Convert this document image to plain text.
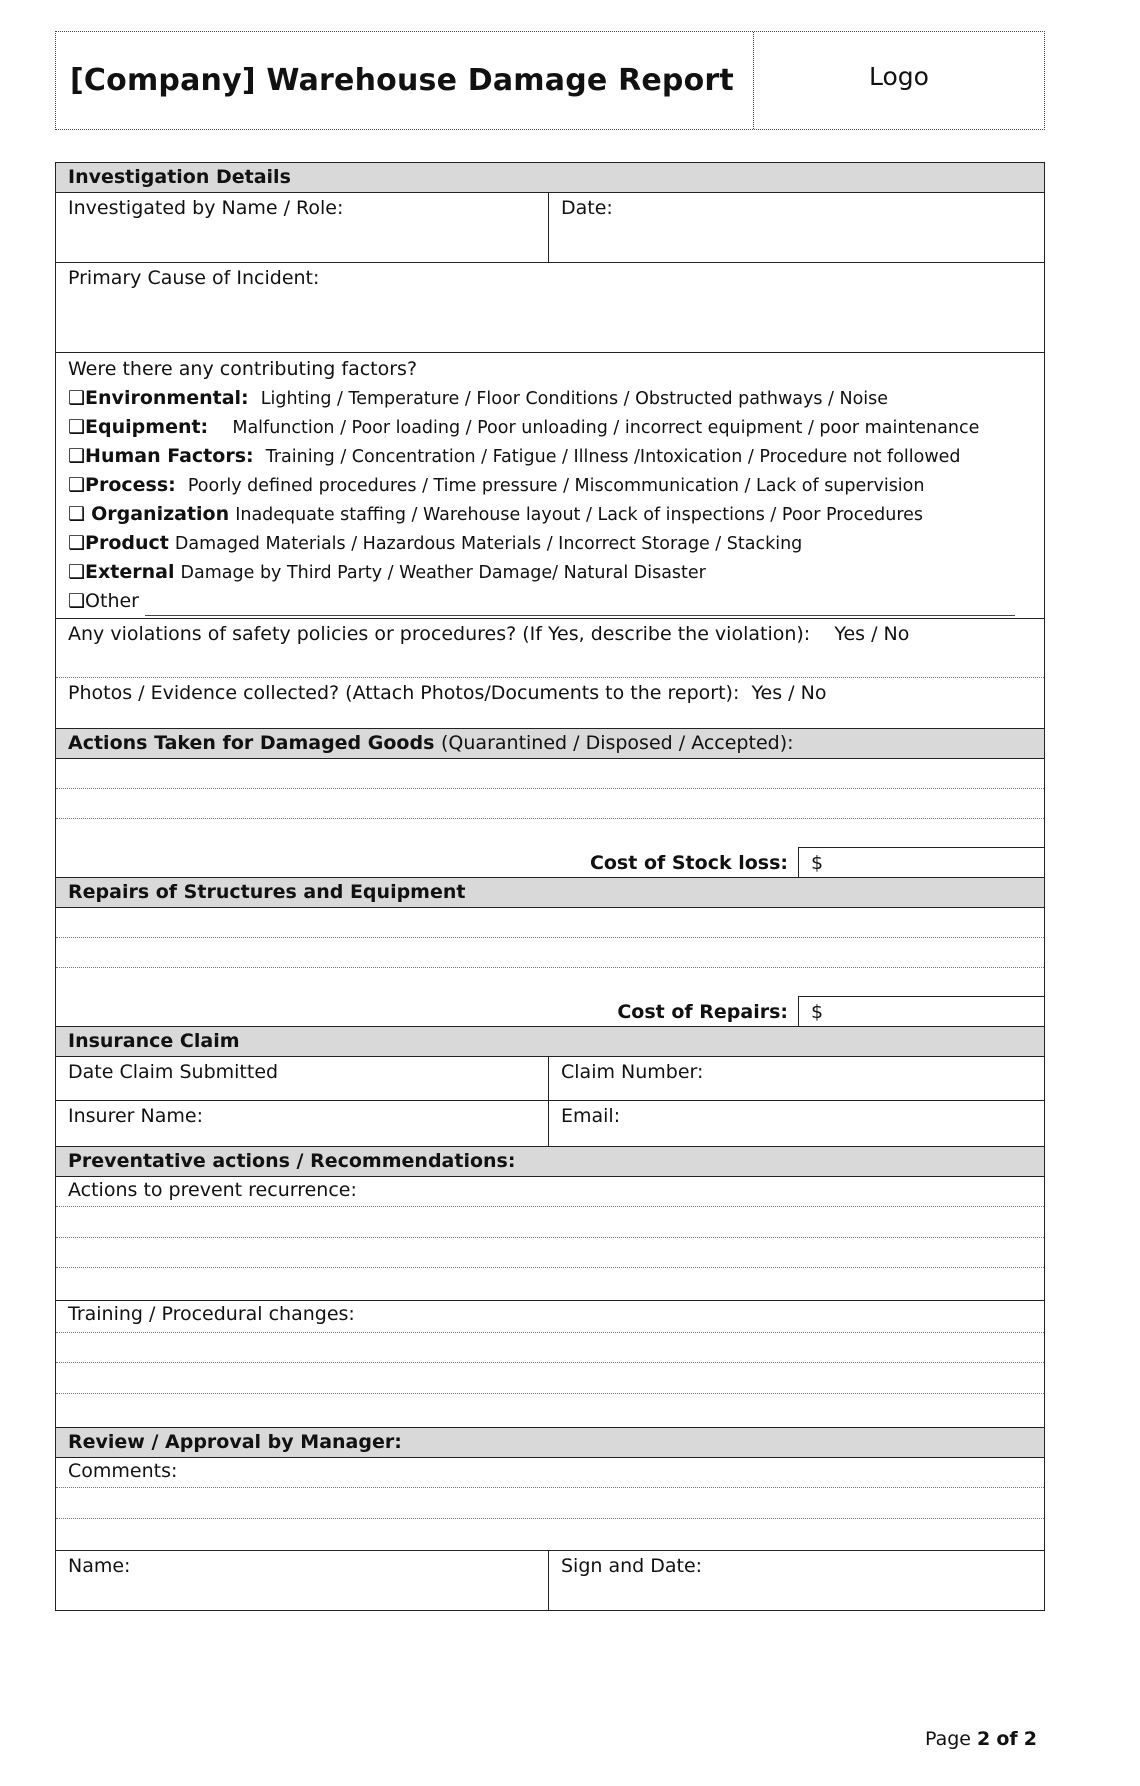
[Company] Warehouse Damage Report	Logo
Investigation Details
Investigated by Name / Role:	Date:
Primary Cause of Incident:
Were there any contributing factors?
❑Environmental: Lighting / Temperature / Floor Conditions / Obstructed pathways / Noise
❑Equipment: Malfunction / Poor loading / Poor unloading / incorrect equipment / poor maintenance
❑Human Factors: Training / Concentration / Fatigue / Illness /Intoxication / Procedure not followed
❑Process: Poorly defined procedures / Time pressure / Miscommunication / Lack of supervision
❑ Organization Inadequate staffing / Warehouse layout / Lack of inspections / Poor Procedures
❑Product Damaged Materials / Hazardous Materials / Incorrect Storage / Stacking
❑External Damage by Third Party / Weather Damage/ Natural Disaster
❑Other
Any violations of safety policies or procedures? (If Yes, describe the violation): Yes / No
Photos / Evidence collected? (Attach Photos/Documents to the report): Yes / No
Actions Taken for Damaged Goods (Quarantined / Disposed / Accepted):
Cost of Stock loss:	$
Repairs of Structures and Equipment
Cost of Repairs:	$
Insurance Claim
Date Claim Submitted	Claim Number:
Insurer Name:	Email:
Preventative actions / Recommendations:
Actions to prevent recurrence:
Training / Procedural changes:
Review / Approval by Manager:
Comments:
Name:	Sign and Date:
Page 2 of 2
